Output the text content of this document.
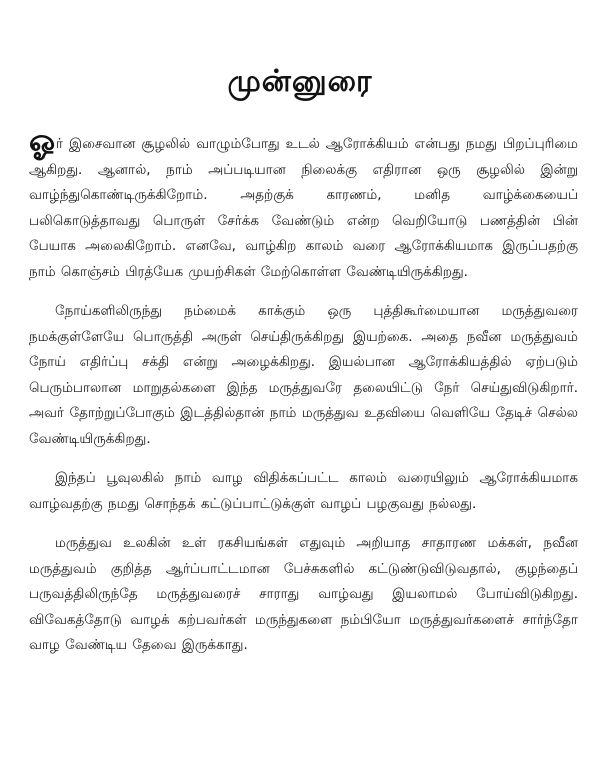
முன்னுரை

ஓர் இசைவான சூழலில் வாழும்போது உடல் ஆரோக்கியம் என்பது நமது பிறப்புரிமை ஆகிறது. ஆனால், நாம் அப்படியான நிலைக்கு எதிரான ஒரு சூழலில் இன்று வாழ்ந்துகொண்டிருக்கிறோம். அதற்குக் காரணம், மனித வாழ்க்கையைப் பலிகொடுத்தாவது பொருள் சேர்க்க வேண்டும் என்ற வெறியோடு பணத்தின் பின் பேயாக அலைகிறோம். எனவே, வாழ்கிற காலம் வரை ஆரோக்கியமாக இருப்பதற்கு நாம் கொஞ்சம் பிரத்யேக முயற்சிகள் மேற்கொள்ள வேண்டியிருக்கிறது.

நோய்களிலிருந்து நம்மைக் காக்கும் ஒரு புத்திகூர்மையான மருத்துவரை நமக்குள்ளேயே பொருத்தி அருள் செய்திருக்கிறது இயற்கை. அதை நவீன மருத்துவம் நோய் எதிர்ப்பு சக்தி என்று அழைக்கிறது. இயல்பான ஆரோக்கியத்தில் ஏற்படும் பெரும்பாலான மாறுதல்களை இந்த மருத்துவரே தலையிட்டு நேர் செய்துவிடுகிறார். அவர் தோற்றுப்போகும் இடத்தில்தான் நாம் மருத்துவ உதவியை வெளியே தேடிச் செல்ல வேண்டியிருக்கிறது.

இந்தப் பூவுலகில் நாம் வாழ விதிக்கப்பட்ட காலம் வரையிலும் ஆரோக்கியமாக வாழ்வதற்கு நமது சொந்தக் கட்டுப்பாட்டுக்குள் வாழப் பழகுவது நல்லது.

மருத்துவ உலகின் உள் ரகசியங்கள் எதுவும் அறியாத சாதாரண மக்கள், நவீன மருத்துவம் குறித்த ஆர்ப்பாட்டமான பேச்சுகளில் கட்டுண்டுவிடுவதால், குழந்தைப் பருவத்திலிருந்தே மருத்துவரைச் சாராது வாழ்வது இயலாமல் போய்விடுகிறது. விவேகத்தோடு வாழக் கற்பவர்கள் மருந்துகளை நம்பியோ மருத்துவர்களைச் சார்ந்தோ வாழ வேண்டிய தேவை இருக்காது.
